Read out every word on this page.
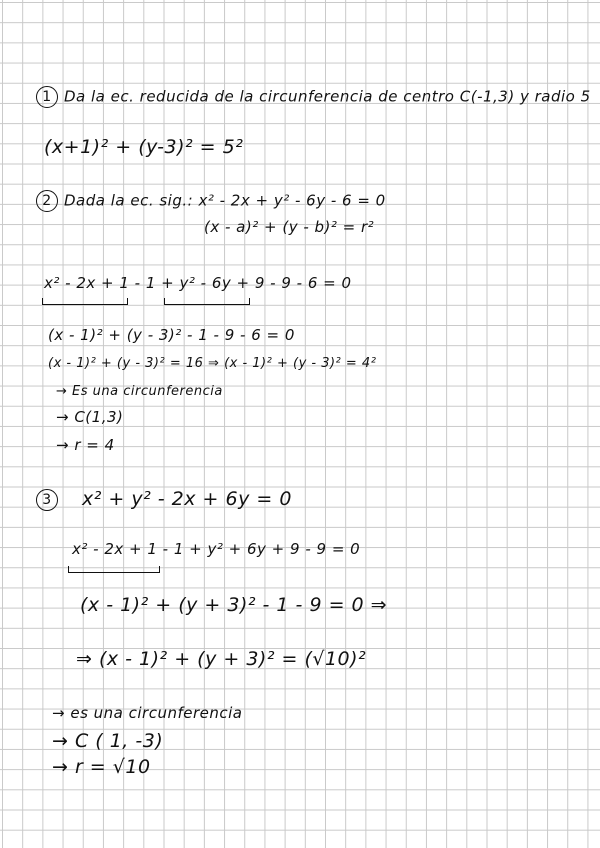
1 Da la ec. reducida de la circunferencia de centro C(-1,3) y radio 5
(x+1)² + (y-3)² = 5²
2 Dada la ec. sig.: x² - 2x + y² - 6y - 6 = 0
(x - a)² + (y - b)² = r²
x² - 2x + 1 - 1 + y² - 6y + 9 - 9 - 6 = 0
(x - 1)² + (y - 3)² - 1 - 9 - 6 = 0
(x - 1)² + (y - 3)² = 16 ⇒ (x - 1)² + (y - 3)² = 4²
→ Es una circunferencia
→ C(1,3)
→ r = 4
3 x² + y² - 2x + 6y = 0
x² - 2x + 1 - 1 + y² + 6y + 9 - 9 = 0
(x - 1)² + (y + 3)² - 1 - 9 = 0 ⇒
⇒ (x - 1)² + (y + 3)² = (√10)²
→ es una circunferencia
→ C ( 1, -3)
→ r = √10
